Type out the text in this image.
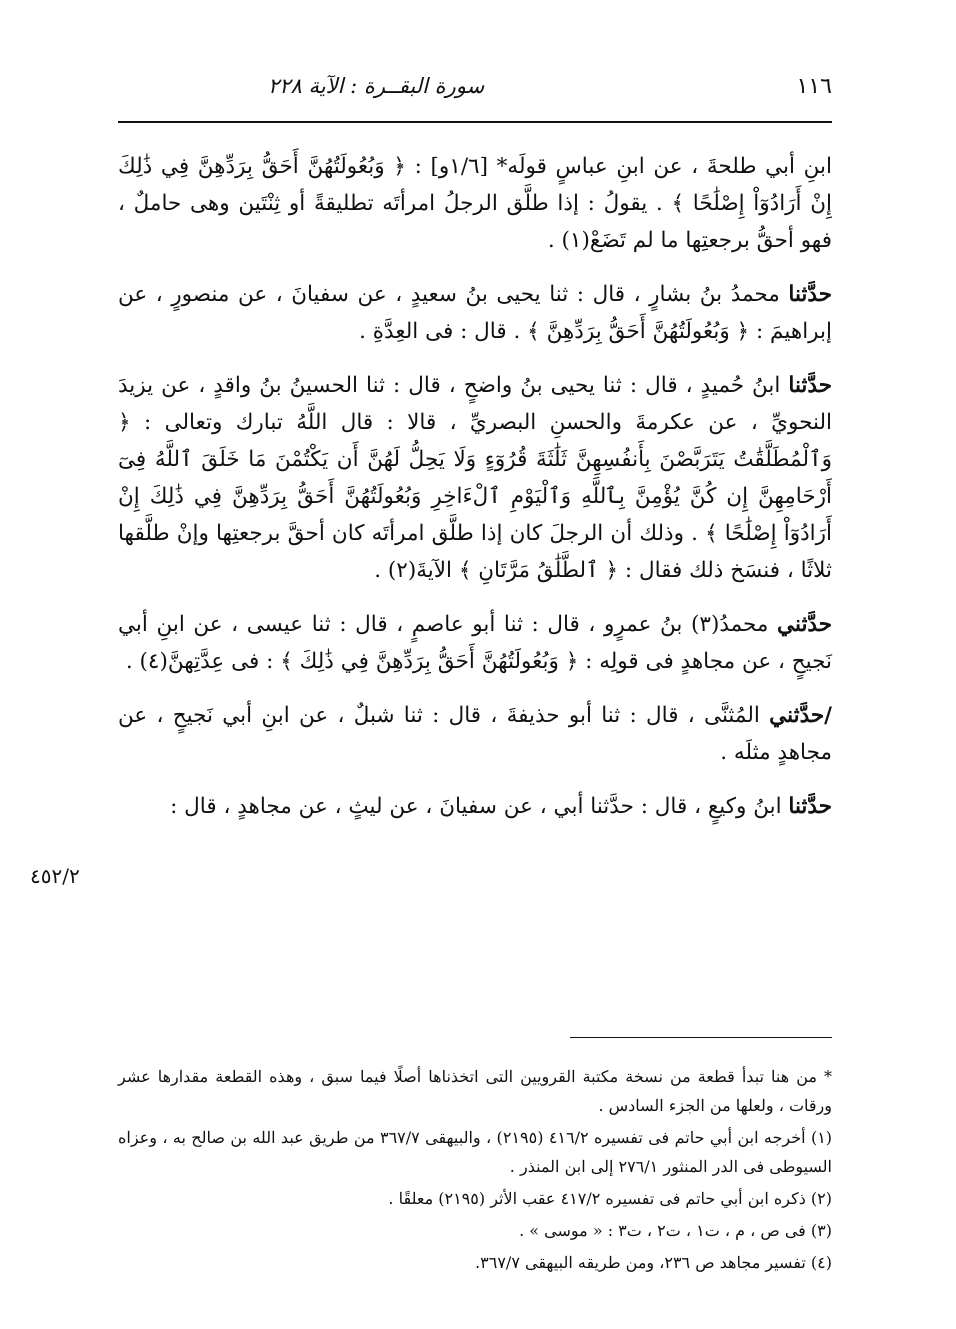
١١٦
سورة البقــرة : الآية ٢٢٨

ابنِ أبي طلحةَ ، عن ابنِ عباسٍ قولَه* [١/٦و] : ﴿ وَبُعُولَتُهُنَّ أَحَقُّ بِرَدِّهِنَّ فِي ذَٰلِكَ إِنْ أَرَادُوٓاْ إِصْلَٰحًا ﴾ . يقولُ : إذا طلَّق الرجلُ امرأتَه تطليقةً أو ثِنْتَين وهى حاملٌ ، فهو أحقُّ برجعتِها ما لم تَضَعْ(١) .

حدَّثنا محمدُ بنُ بشارٍ ، قال : ثنا يحيى بنُ سعيدٍ ، عن سفيانَ ، عن منصورٍ ، عن إبراهيمَ : ﴿ وَبُعُولَتُهُنَّ أَحَقُّ بِرَدِّهِنَّ ﴾ . قال : فى العِدَّةِ .

حدَّثنا ابنُ حُميدٍ ، قال : ثنا يحيى بنُ واضحٍ ، قال : ثنا الحسينُ بنُ واقدٍ ، عن يزيدَ النحويِّ ، عن عكرمةَ والحسنِ البصريِّ ، قالا : قال اللَّهُ تبارك وتعالى : ﴿ وَٱلْمُطَلَّقَٰتُ يَتَرَبَّصْنَ بِأَنفُسِهِنَّ ثَلَٰثَةَ قُرُوٓءٍ وَلَا يَحِلُّ لَهُنَّ أَن يَكْتُمْنَ مَا خَلَقَ ٱللَّهُ فِىٓ أَرْحَامِهِنَّ إِن كُنَّ يُؤْمِنَّ بِٱللَّهِ وَٱلْيَوْمِ ٱلْءَاخِرِ وَبُعُولَتُهُنَّ أَحَقُّ بِرَدِّهِنَّ فِي ذَٰلِكَ إِنْ أَرَادُوٓاْ إِصْلَٰحًا ﴾ . وذلك أن الرجلَ كان إذا طلَّق امرأتَه كان أحقَّ برجعتِها وإنْ طلَّقها ثلاثًا ، فنسَخ ذلك فقال : ﴿ ٱلطَّلَٰقُ مَرَّتَانِ ﴾ الآيةَ(٢) .

حدَّثني محمدُ(٣) بنُ عمرٍو ، قال : ثنا أبو عاصمٍ ، قال : ثنا عيسى ، عن ابنِ أبي نَجيحٍ ، عن مجاهدٍ فى قولِه : ﴿ وَبُعُولَتُهُنَّ أَحَقُّ بِرَدِّهِنَّ فِي ذَٰلِكَ ﴾ : فى عِدَّتِهنَّ(٤) .

/حدَّثني المُثنَّى ، قال : ثنا أبو حذيفةَ ، قال : ثنا شبلٌ ، عن ابنِ أبي نَجيحٍ ، عن مجاهدٍ مثلَه .

حدَّثنا ابنُ وكيعٍ ، قال : حدَّثنا أبي ، عن سفيانَ ، عن ليثٍ ، عن مجاهدٍ ، قال :

٤٥٢/٢

* من هنا تبدأ قطعة من نسخة مكتبة القرويين التى اتخذناها أصلًا فيما سبق ، وهذه القطعة مقدارها عشر ورقات ، ولعلها من الجزء السادس .

(١) أخرجه ابن أبي حاتم فى تفسيره ٤١٦/٢ (٢١٩٥) ، والبيهقى ٣٦٧/٧ من طريق عبد الله بن صالح به ، وعزاه السيوطى فى الدر المنثور ٢٧٦/١ إلى ابن المنذر .

(٢) ذكره ابن أبي حاتم فى تفسيره ٤١٧/٢ عقب الأثر (٢١٩٥) معلقًا .

(٣) فى ص ، م ، ت١ ، ت٢ ، ت٣ : « موسى » .

(٤) تفسير مجاهد ص ٢٣٦، ومن طريقه البيهقى ٣٦٧/٧.
